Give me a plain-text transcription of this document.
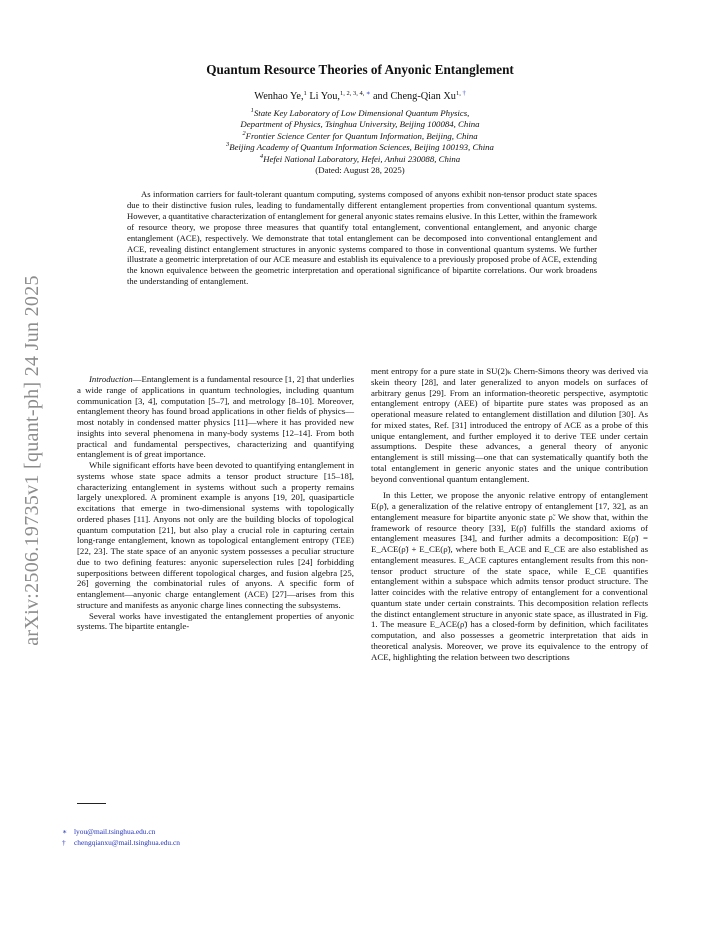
arXiv:2506.19735v1 [quant-ph] 24 Jun 2025
Quantum Resource Theories of Anyonic Entanglement
Wenhao Ye,$^1$ Li You,$^{1, 2, 3, 4, ∗}$ and Cheng-Qian $Xu^{1, \dagger}$
$^1$State Key Laboratory of Low Dimensional Quantum Physics,
Department of Physics, Tsinghua University, Beijing 100084, China
$^2$Frontier Science Center for Quantum Information, Beijing, China
$^3$Beijing Academy of Quantum Information Sciences, Beijing 100193, China
$^4$Hefei National Laboratory, Hefei, Anhui 230088, China
(Dated: August 28, 2025)

As information carriers for fault-tolerant quantum computing, systems composed of anyons exhibit non-tensor product state spaces due to their distinctive fusion rules, leading to fundamentally different entanglement properties from conventional quantum systems. However, a quantitative characterization of entanglement for general anyonic states remains elusive. In this Letter, within the framework of resource theory, we propose three measures that quantify total entanglement, conventional entanglement, and anyonic charge entanglement (ACE), respectively. We demonstrate that total entanglement can be decomposed into conventional entanglement and ACE, revealing distinct entanglement structures in anyonic systems compared to those in conventional quantum systems. We further illustrate a geometric interpretation of our ACE measure and establish its equivalence to a previously proposed probe of ACE, extending the known equivalence between the geometric interpretation and operational significance of bipartite correlations. Our work broadens the understanding of entanglement.

Introduction—Entanglement is a fundamental resource [1, 2] that underlies a wide range of applications in quantum technologies, including quantum communication [3, 4], computation [5–7], and metrology [8–10]. Moreover, entanglement theory has found broad applications in other fields of physics—most notably in condensed matter physics [11]—where it has provided new insights into several phenomena in many-body systems [12–14]. From both practical and fundamental perspectives, characterizing and quantifying entanglement is of great importance.

While significant efforts have been devoted to quantifying entanglement in systems whose state space admits a tensor product structure [15–18], characterizing entanglement in systems without such a property remains largely unexplored. A prominent example is anyons [19, 20], quasiparticle excitations that emerge in two-dimensional systems with topologically ordered phases [11]. Anyons not only are the building blocks of topological quantum computation [21], but also play a crucial role in capturing certain long-range entanglement, known as topological entanglement entropy (TEE) [22, 23]. The state space of an anyonic system possesses a peculiar structure due to two defining features: anyonic superselection rules [24] forbidding superpositions between different topological charges, and fusion algebra [25, 26] governing the combinatorial rules of anyons. A specific form of entanglement—anyonic charge entanglement (ACE) [27]—arises from this structure and manifests as anyonic charge lines connecting the subsystems.

Several works have investigated the entanglement properties of anyonic systems. The bipartite entangle-

ment entropy for a pure state in SU(2)ₖ Chern-Simons theory was derived via skein theory [28], and later generalized to anyon models on surfaces of arbitrary genus [29]. From an information-theoretic perspective, asymptotic entanglement entropy (AEE) of bipartite pure states was proposed as an operational measure related to entanglement distillation and dilution [30]. As for mixed states, Ref. [31] introduced the entropy of ACE as a probe of this unique entanglement, and further employed it to derive TEE under certain assumptions. Despite these advances, a general theory of anyonic entanglement is still missing—one that can systematically quantify both the total entanglement in generic anyonic states and the unique contribution beyond conventional quantum entanglement.

In this Letter, we propose the anyonic relative entropy of entanglement E(ρ̃), a generalization of the relative entropy of entanglement [17, 32], as an entanglement measure for bipartite anyonic state ρ̃. We show that, within the framework of resource theory [33], E(ρ̃) fulfills the standard axioms of entanglement measures [34], and further admits a decomposition: E(ρ̃) = E_ACE(ρ̃) + E_CE(ρ̃), where both E_ACE and E_CE are also established as entanglement measures. E_ACE captures entanglement results from this non-tensor product structure of the state space, while E_CE quantifies entanglement within a subspace which admits tensor product structure. The latter coincides with the relative entropy of entanglement for a conventional quantum state under certain constraints. This decomposition relation reflects the distinct entanglement structure in anyonic state space, as illustrated in Fig. 1. The measure E_ACE(ρ̃) has a closed-form by definition, which facilitates computation, and also possesses a geometric interpretation that aids in theoretical analysis. Moreover, we prove its equivalence to the entropy of ACE, highlighting the relation between two descriptions

∗ lyou@mail.tsinghua.edu.cn
† chengqianxu@mail.tsinghua.edu.cn
